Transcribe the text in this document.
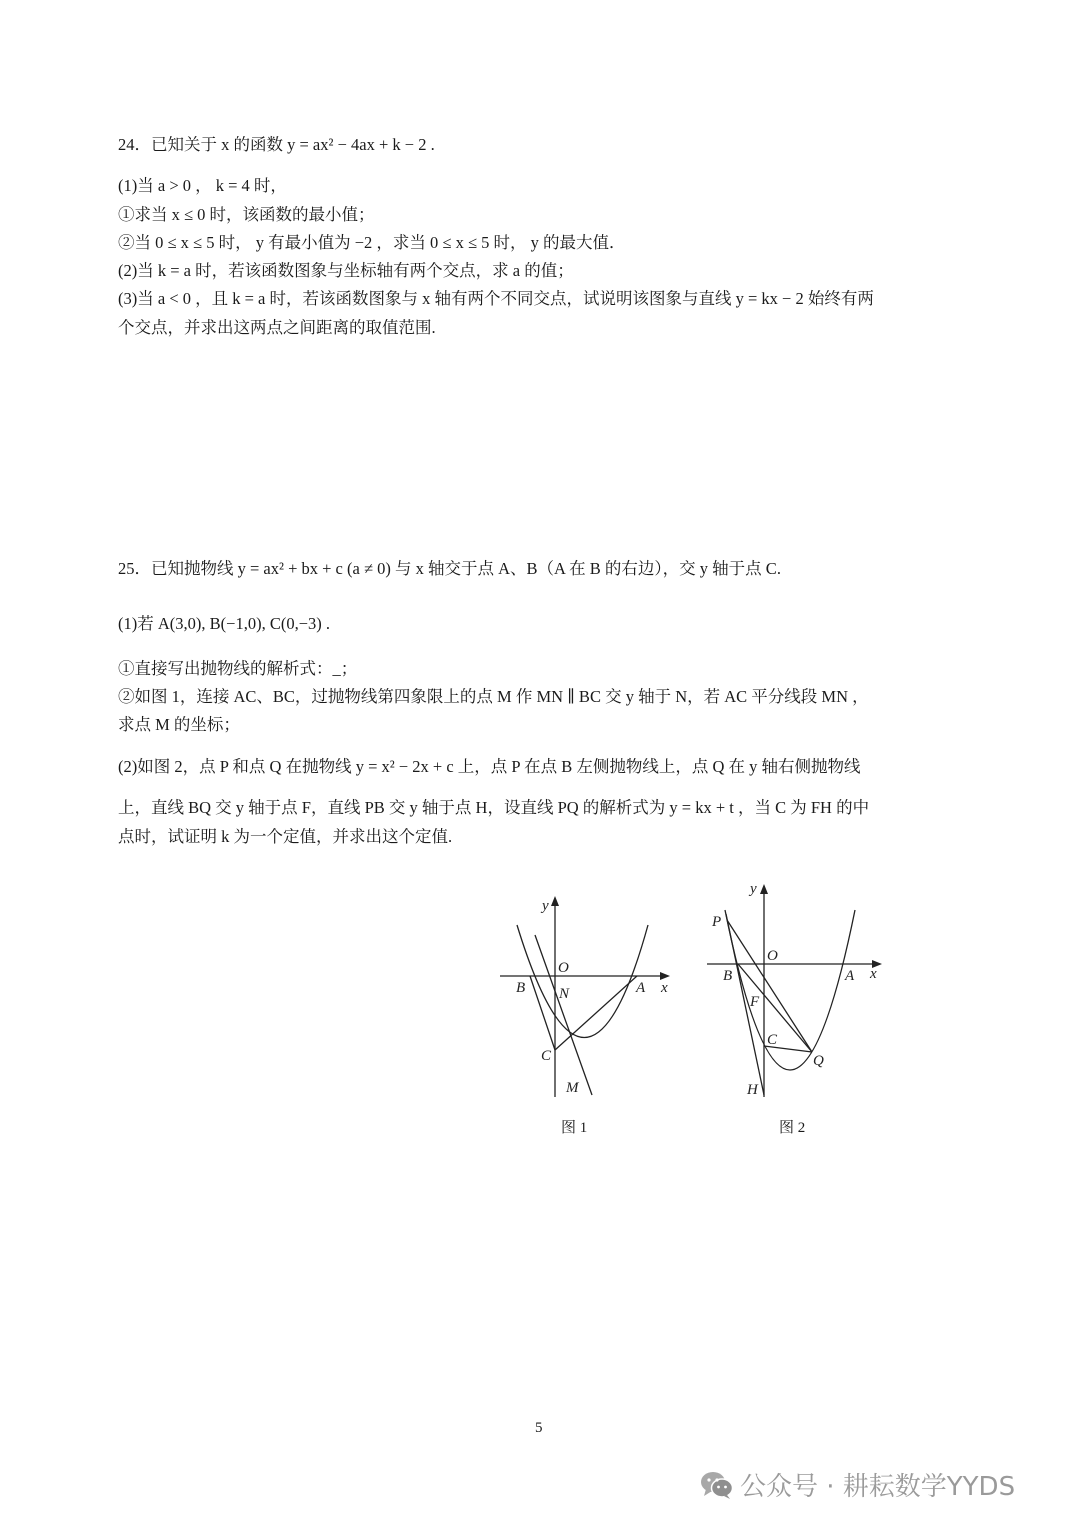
24．已知关于 x 的函数 y = ax² − 4ax + k − 2 .
(1)当 a > 0 ， k = 4 时，
①求当 x ≤ 0 时，该函数的最小值；
②当 0 ≤ x ≤ 5 时， y 有最小值为 −2 ，求当 0 ≤ x ≤ 5 时， y 的最大值．
(2)当 k = a 时，若该函数图象与坐标轴有两个交点，求 a 的值；
(3)当 a < 0 ，且 k = a 时，若该函数图象与 x 轴有两个不同交点，试说明该图象与直线 y = kx − 2 始终有两
个交点，并求出这两点之间距离的取值范围.
25．已知抛物线 y = ax² + bx + c (a ≠ 0) 与 x 轴交于点 A、B（A 在 B 的右边），交 y 轴于点 C.
(1)若 A(3,0), B(−1,0), C(0,−3) .
①直接写出抛物线的解析式：_；
②如图 1，连接 AC、BC，过抛物线第四象限上的点 M 作 MN ∥ BC 交 y 轴于 N，若 AC 平分线段 MN ，
求点 M 的坐标；
(2)如图 2，点 P 和点 Q 在抛物线 y = x² − 2x + c 上，点 P 在点 B 左侧抛物线上，点 Q 在 y 轴右侧抛物线
上，直线 BQ 交 y 轴于点 F，直线 PB 交 y 轴于点 H，设直线 PQ 的解析式为 y = kx + t ，当 C 为 FH 的中
点时，试证明 k 为一个定值，并求出这个定值.
y
x
O
B	A
N
C
M
图 1
y
x
O
P
B	A
F
C
Q
H
图 2
5
公众号 · 耕耘数学YYDS
